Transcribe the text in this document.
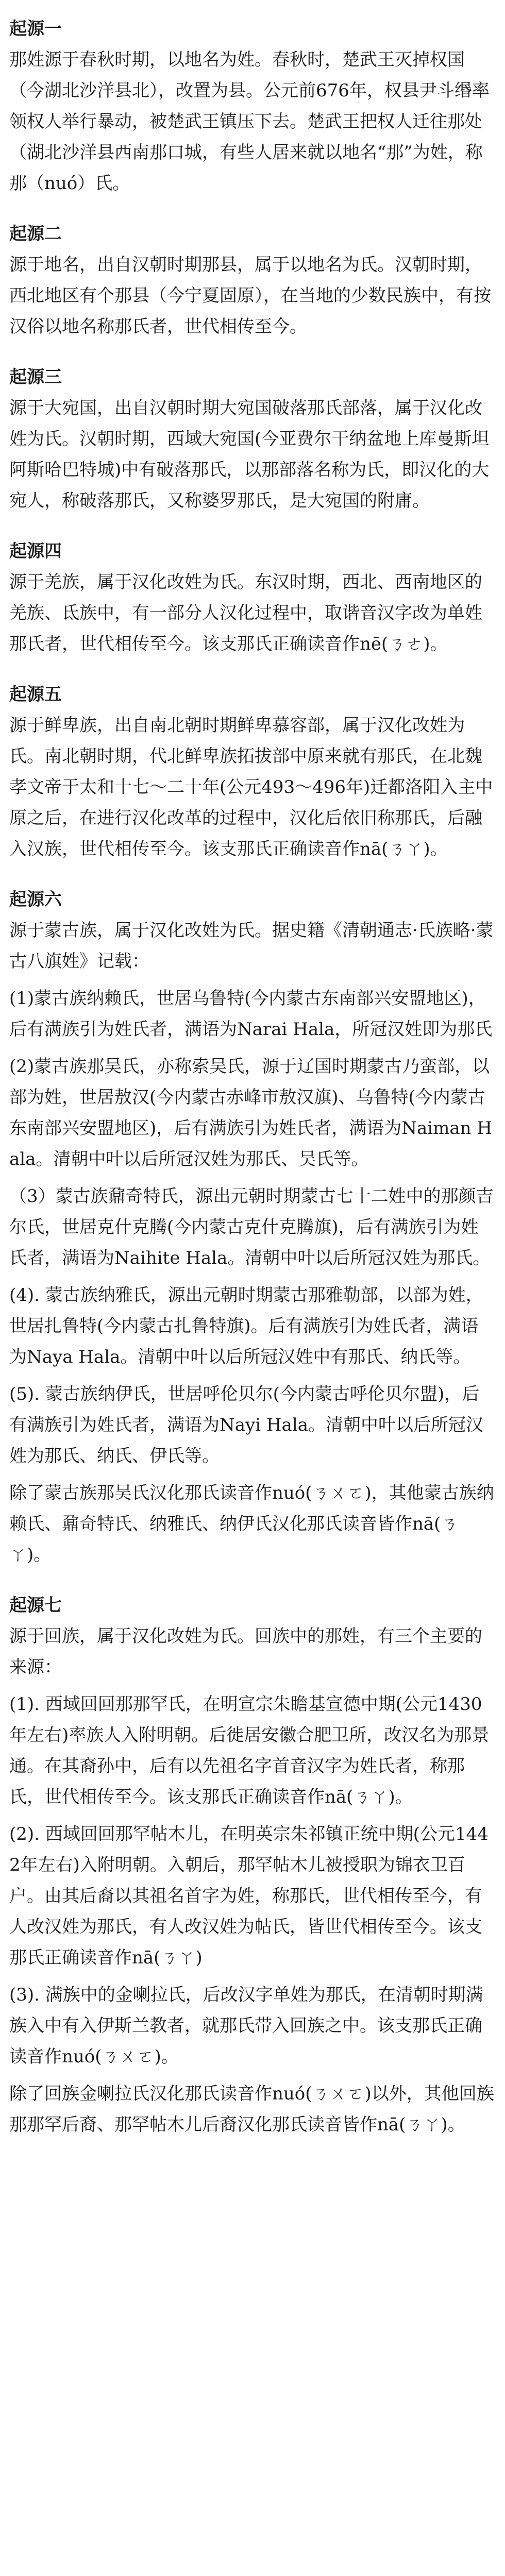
起源一

那姓源于春秋时期，以地名为姓。春秋时，楚武王灭掉权国（今湖北沙洋县北），改置为县。公元前676年，权县尹斗缗率领权人举行暴动，被楚武王镇压下去。楚武王把权人迁往那处（湖北沙洋县西南那口城，有些人居来就以地名“那”为姓，称那（nuó）氏。

起源二

源于地名，出自汉朝时期那县，属于以地名为氏。汉朝时期，西北地区有个那县（今宁夏固原），在当地的少数民族中，有按汉俗以地名称那氏者，世代相传至今。

起源三

源于大宛国，出自汉朝时期大宛国破落那氏部落，属于汉化改姓为氏。汉朝时期，西域大宛国(今亚费尔干纳盆地上库曼斯坦阿斯哈巴特城)中有破落那氏，以那部落名称为氏，即汉化的大宛人，称破落那氏，又称婆罗那氏，是大宛国的附庸。

起源四

源于羌族，属于汉化改姓为氏。东汉时期，西北、西南地区的羌族、氐族中，有一部分人汉化过程中，取谐音汉字改为单姓那氏者，世代相传至今。该支那氏正确读音作nē(ㄋㄜ)。

起源五

源于鲜卑族，出自南北朝时期鲜卑慕容部，属于汉化改姓为氏。南北朝时期，代北鲜卑族拓拔部中原来就有那氏，在北魏孝文帝于太和十七～二十年(公元493～496年)迁都洛阳入主中原之后，在进行汉化改革的过程中，汉化后依旧称那氏，后融入汉族，世代相传至今。该支那氏正确读音作nā(ㄋㄚ)。

起源六

源于蒙古族，属于汉化改姓为氏。据史籍《清朝通志·氏族略·蒙古八旗姓》记载：

(1)蒙古族纳赖氏，世居乌鲁特(今内蒙古东南部兴安盟地区)，后有满族引为姓氏者，满语为Narai Hala，所冠汉姓即为那氏

(2)蒙古族那吴氏，亦称索吴氏，源于辽国时期蒙古乃蛮部，以部为姓，世居敖汉(今内蒙古赤峰市敖汉旗)、乌鲁特(今内蒙古东南部兴安盟地区)，后有满族引为姓氏者，满语为Naiman Hala。清朝中叶以后所冠汉姓为那氏、吴氏等。

（3）蒙古族鼐奇特氏，源出元朝时期蒙古七十二姓中的那颜吉尔氏，世居克什克腾(今内蒙古克什克腾旗)，后有满族引为姓氏者，满语为Naihite Hala。清朝中叶以后所冠汉姓为那氏。

(4). 蒙古族纳雅氏，源出元朝时期蒙古那雅勒部，以部为姓，世居扎鲁特(今内蒙古扎鲁特旗)。后有满族引为姓氏者，满语为Naya Hala。清朝中叶以后所冠汉姓中有那氏、纳氏等。

(5). 蒙古族纳伊氏，世居呼伦贝尔(今内蒙古呼伦贝尔盟)，后有满族引为姓氏者，满语为Nayi Hala。清朝中叶以后所冠汉姓为那氏、纳氏、伊氏等。

除了蒙古族那吴氏汉化那氏读音作nuó(ㄋㄨㄛ)，其他蒙古族纳赖氏、鼐奇特氏、纳雅氏、纳伊氏汉化那氏读音皆作nā(ㄋㄚ)。

起源七

源于回族，属于汉化改姓为氏。回族中的那姓，有三个主要的来源：

(1). 西域回回那那罕氏，在明宣宗朱瞻基宣德中期(公元1430年左右)率族人入附明朝。后徙居安徽合肥卫所，改汉名为那景通。在其裔孙中，后有以先祖名字首音汉字为姓氏者，称那氏，世代相传至今。该支那氏正确读音作nā(ㄋㄚ)。

(2). 西域回回那罕帖木儿，在明英宗朱祁镇正统中期(公元1442年左右)入附明朝。入朝后，那罕帖木儿被授职为锦衣卫百户。由其后裔以其祖名首字为姓，称那氏，世代相传至今，有人改汉姓为那氏，有人改汉姓为帖氏，皆世代相传至今。该支那氏正确读音作nā(ㄋㄚ)

(3). 满族中的金喇拉氏，后改汉字单姓为那氏，在清朝时期满族入中有入伊斯兰教者，就那氏带入回族之中。该支那氏正确读音作nuó(ㄋㄨㄛ)。

除了回族金喇拉氏汉化那氏读音作nuó(ㄋㄨㄛ)以外，其他回族那那罕后裔、那罕帖木儿后裔汉化那氏读音皆作nā(ㄋㄚ)。
